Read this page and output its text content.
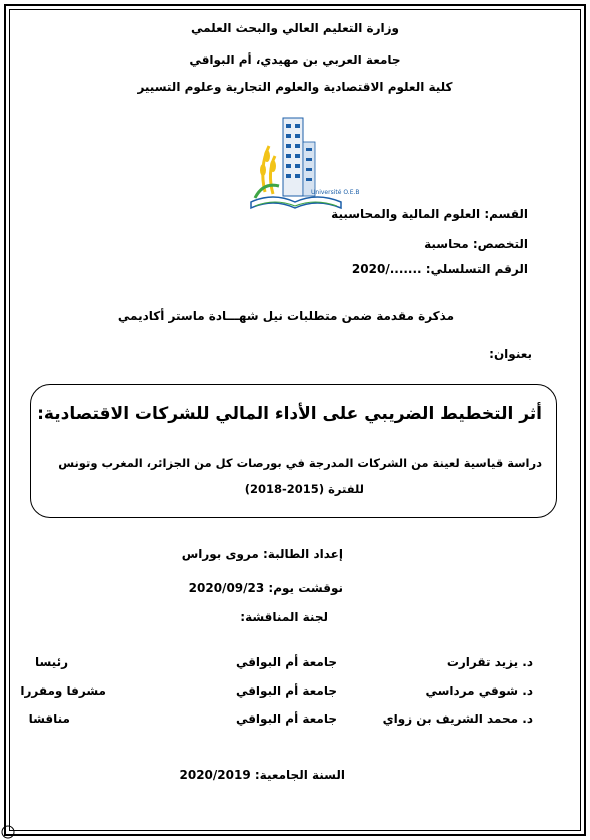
وزارة التعليم العالي والبحث العلمي
جامعة العربي بن مهيدي، أم البواقي
كلية العلوم الاقتصادية والعلوم التجارية وعلوم التسيير
Université O.E.B
القسم: العلوم المالية والمحاسبية
التخصص: محاسبة
الرقم التسلسلي: ......./2020
مذكرة مقدمة ضمن متطلبات نيل شهـــادة ماستر أكاديمي
بعنوان:
أثر التخطيط الضريبي على الأداء المالي للشركات الاقتصادية:
دراسة قياسية لعينة من الشركات المدرجة في بورصات كل من الجزائر، المغرب وتونس
للفترة (2015-2018)
إعداد الطالبة: مروى بوراس
نوقشت يوم: 2020/09/23
لجنة المناقشة:
د. يزيد تقرارت
جامعة أم البواقي
رئيسا
د. شوقي مرداسي
جامعة أم البواقي
مشرفا ومقررا
د. محمد الشريف بن زواي
جامعة أم البواقي
مناقشا
السنة الجامعية: 2020/2019
